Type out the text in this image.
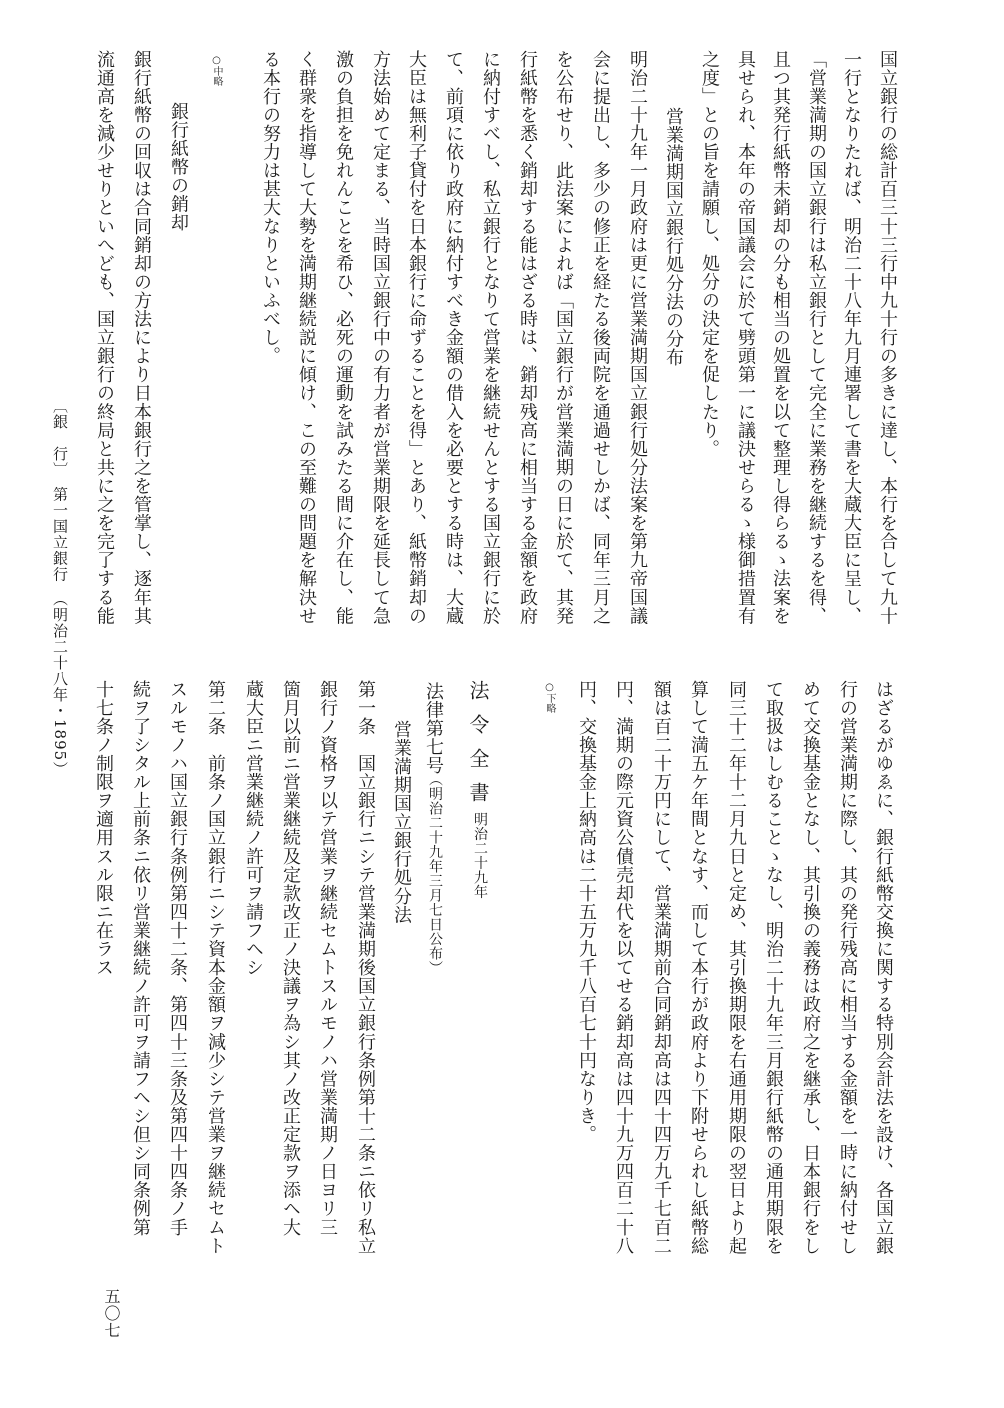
国立銀行の総計百三十三行中九十行の多きに達し、本行を合して九十
一行となりたれば、明治二十八年九月連署して書を大蔵大臣に呈し、
「営業満期の国立銀行は私立銀行として完全に業務を継続するを得、
且つ其発行紙幣未銷却の分も相当の処置を以て整理し得らるゝ法案を
具せられ、本年の帝国議会に於て劈頭第一に議決せらるゝ様御措置有
之度」との旨を請願し、処分の決定を促したり。
営業満期国立銀行処分法の分布
明治二十九年一月政府は更に営業満期国立銀行処分法案を第九帝国議
会に提出し、多少の修正を経たる後両院を通過せしかば、同年三月之
を公布せり、此法案によれば「国立銀行が営業満期の日に於て、其発
行紙幣を悉く銷却する能はざる時は、銷却残高に相当する金額を政府
に納付すべし、私立銀行となりて営業を継続せんとする国立銀行に於
て、前項に依り政府に納付すべき金額の借入を必要とする時は、大蔵
大臣は無利子貸付を日本銀行に命ずることを得」とあり、紙幣銷却の
方法始めて定まる、当時国立銀行中の有力者が営業期限を延長して急
激の負担を免れんことを希ひ、必死の運動を試みたる間に介在し、能
く群衆を指導して大勢を満期継続説に傾け、この至難の問題を解決せ
る本行の努力は甚大なりといふべし。
○中略
銀行紙幣の銷却
銀行紙幣の回収は合同銷却の方法により日本銀行之を管掌し、逐年其
流通高を減少せりといへども、国立銀行の終局と共に之を完了する能
はざるがゆゑに、銀行紙幣交換に関する特別会計法を設け、各国立銀
行の営業満期に際し、其の発行残高に相当する金額を一時に納付せし
めて交換基金となし、其引換の義務は政府之を継承し、日本銀行をし
て取扱はしむることゝなし、明治二十九年三月銀行紙幣の通用期限を
同三十二年十二月九日と定め、其引換期限を右通用期限の翌日より起
算して満五ケ年間となす、而して本行が政府より下附せられし紙幣総
額は百二十万円にして、営業満期前合同銷却高は四十四万九千七百二
円、満期の際元資公債売却代を以てせる銷却高は四十九万四百二十八
円、交換基金上納高は二十五万九千八百七十円なりき。
○下略
〔銀　行〕　第一国立銀行　（明治二十八年・1895）	法令全書
明治二十九年
法律第七号
（明治二十九年三月七日公布）
営業満期国立銀行処分法
第一条　国立銀行ニシテ営業満期後国立銀行条例第十二条ニ依リ私立
銀行ノ資格ヲ以テ営業ヲ継続セムトスルモノハ営業満期ノ日ヨリ三
箇月以前ニ営業継続及定款改正ノ決議ヲ為シ其ノ改正定款ヲ添ヘ大
蔵大臣ニ営業継続ノ許可ヲ請フヘシ
第二条　前条ノ国立銀行ニシテ資本金額ヲ減少シテ営業ヲ継続セムト
スルモノハ国立銀行条例第四十二条、第四十三条及第四十四条ノ手
続ヲ了シタル上前条ニ依リ営業継続ノ許可ヲ請フヘシ但シ同条例第
十七条ノ制限ヲ適用スル限ニ在ラス
五〇七
